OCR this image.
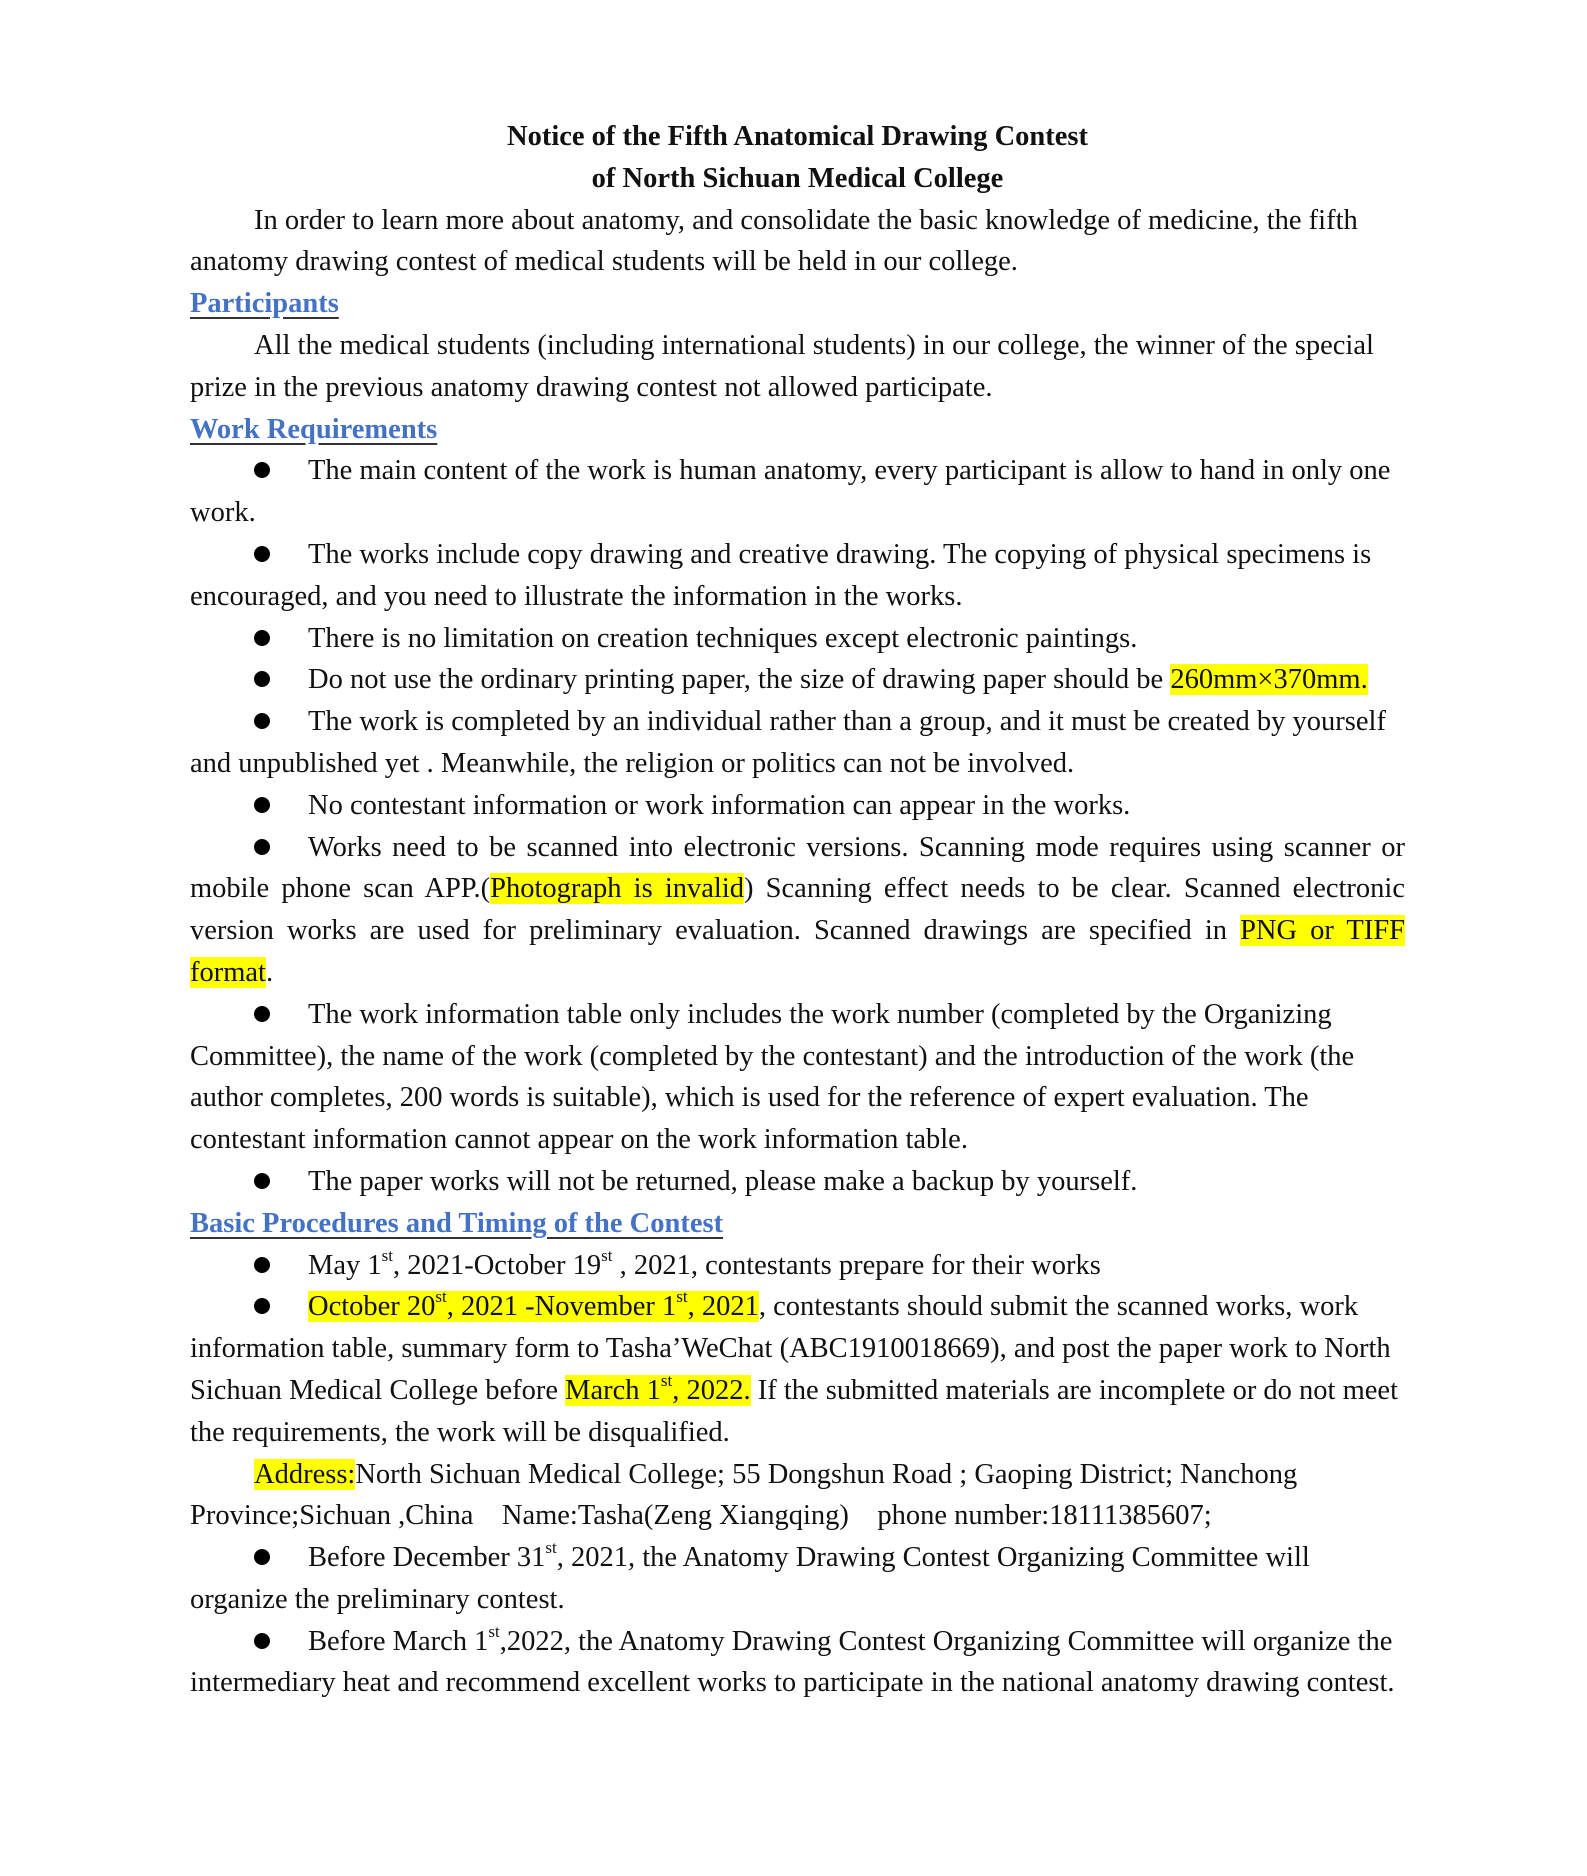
Notice of the Fifth Anatomical Drawing Contest

of North Sichuan Medical College

In order to learn more about anatomy, and consolidate the basic knowledge of medicine, the fifth anatomy drawing contest of medical students will be held in our college.

Participants

All the medical students (including international students) in our college, the winner of the special prize in the previous anatomy drawing contest not allowed participate.

Work Requirements

The main content of the work is human anatomy, every participant is allow to hand in only one work.

The works include copy drawing and creative drawing. The copying of physical specimens is encouraged, and you need to illustrate the information in the works.

There is no limitation on creation techniques except electronic paintings.

Do not use the ordinary printing paper, the size of drawing paper should be 260mm×370mm.

The work is completed by an individual rather than a group, and it must be created by yourself and unpublished yet . Meanwhile, the religion or politics can not be involved.

No contestant information or work information can appear in the works.

Works need to be scanned into electronic versions. Scanning mode requires using scanner or mobile phone scan APP.(Photograph is invalid) Scanning effect needs to be clear. Scanned electronic version works are used for preliminary evaluation. Scanned drawings are specified in PNG or TIFF format.

The work information table only includes the work number (completed by the Organizing Committee), the name of the work (completed by the contestant) and the introduction of the work (the author completes, 200 words is suitable), which is used for the reference of expert evaluation. The contestant information cannot appear on the work information table.

The paper works will not be returned, please make a backup by yourself.

Basic Procedures and Timing of the Contest

May 1st, 2021-October 19st , 2021, contestants prepare for their works

October 20st, 2021 -November 1st, 2021, contestants should submit the scanned works, work information table, summary form to Tasha’WeChat (ABC1910018669), and post the paper work to North Sichuan Medical College before March 1st, 2022. If the submitted materials are incomplete or do not meet the requirements, the work will be disqualified.

Address:North Sichuan Medical College; 55 Dongshun Road ; Gaoping District; Nanchong Province;Sichuan ,China    Name:Tasha(Zeng Xiangqing)    phone number:18111385607;

Before December 31st, 2021, the Anatomy Drawing Contest Organizing Committee will organize the preliminary contest.

Before March 1st,2022, the Anatomy Drawing Contest Organizing Committee will organize the intermediary heat and recommend excellent works to participate in the national anatomy drawing contest.
